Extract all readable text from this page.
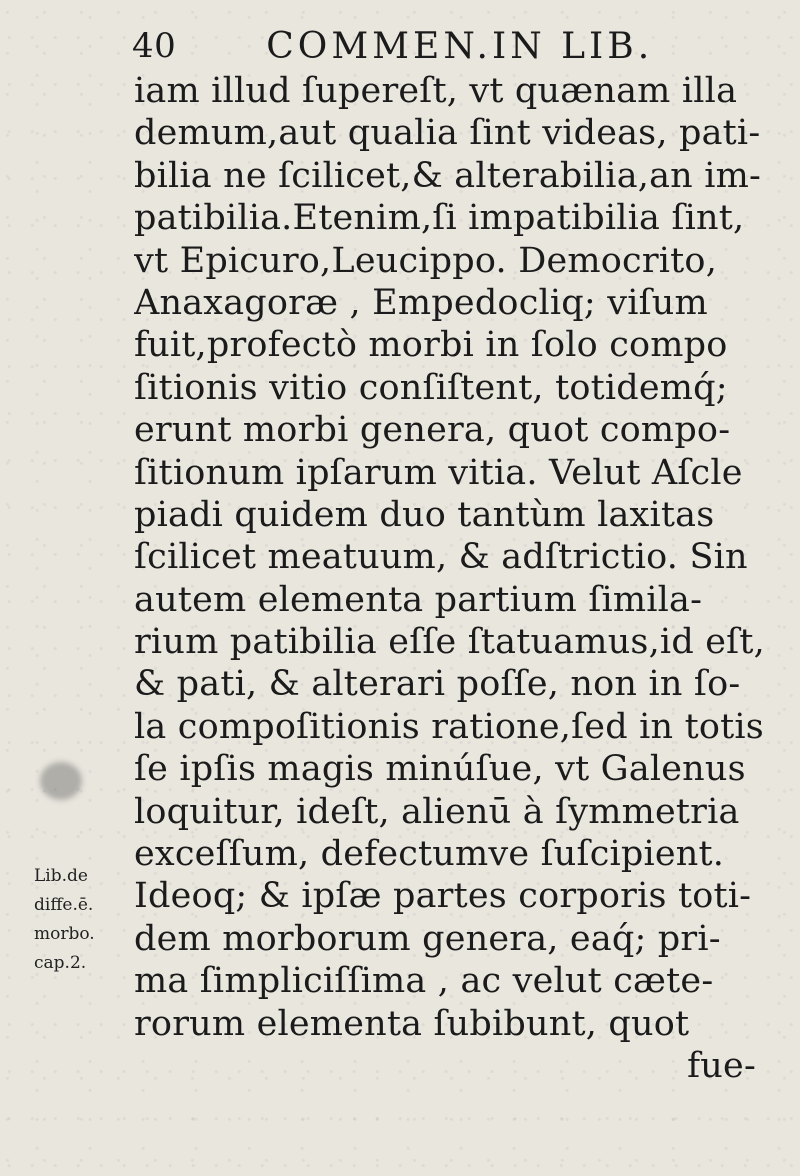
40	COMMEN.IN LIB.
Lib.de
diffe.ē.
morbo.
cap.2.
iam illud ſupereſt, vt quænam illa
demum,aut qualia ſint videas, pati-
bilia ne ſcilicet,& alterabilia,an im-
patibilia.Etenim,ſi impatibilia ſint,
vt Epicuro,Leucippo. Democrito,
Anaxagoræ , Empedocliq; viſum
fuit,profectò morbi in ſolo compo
ſitionis vitio conſiſtent, totidemq́;
erunt morbi genera, quot compo-
ſitionum ipſarum vitia. Velut Aſcle
piadi quidem duo tantùm laxitas
ſcilicet meatuum, & adſtrictio. Sin
autem elementa partium ſimila-
rium patibilia eſſe ſtatuamus,id eſt,
& pati, & alterari poſſe, non in ſo-
la compoſitionis ratione,ſed in totis
ſe ipſis magis minúſue, vt Galenus
loquitur, ideſt, alienū à ſymmetria
exceſſum, defectumve ſuſcipient.
Ideoq; & ipſæ partes corporis toti-
dem morborum genera, eaq́; pri-
ma ſimpliciſſima , ac velut cæte-
rorum elementa ſubibunt, quot
fue-
